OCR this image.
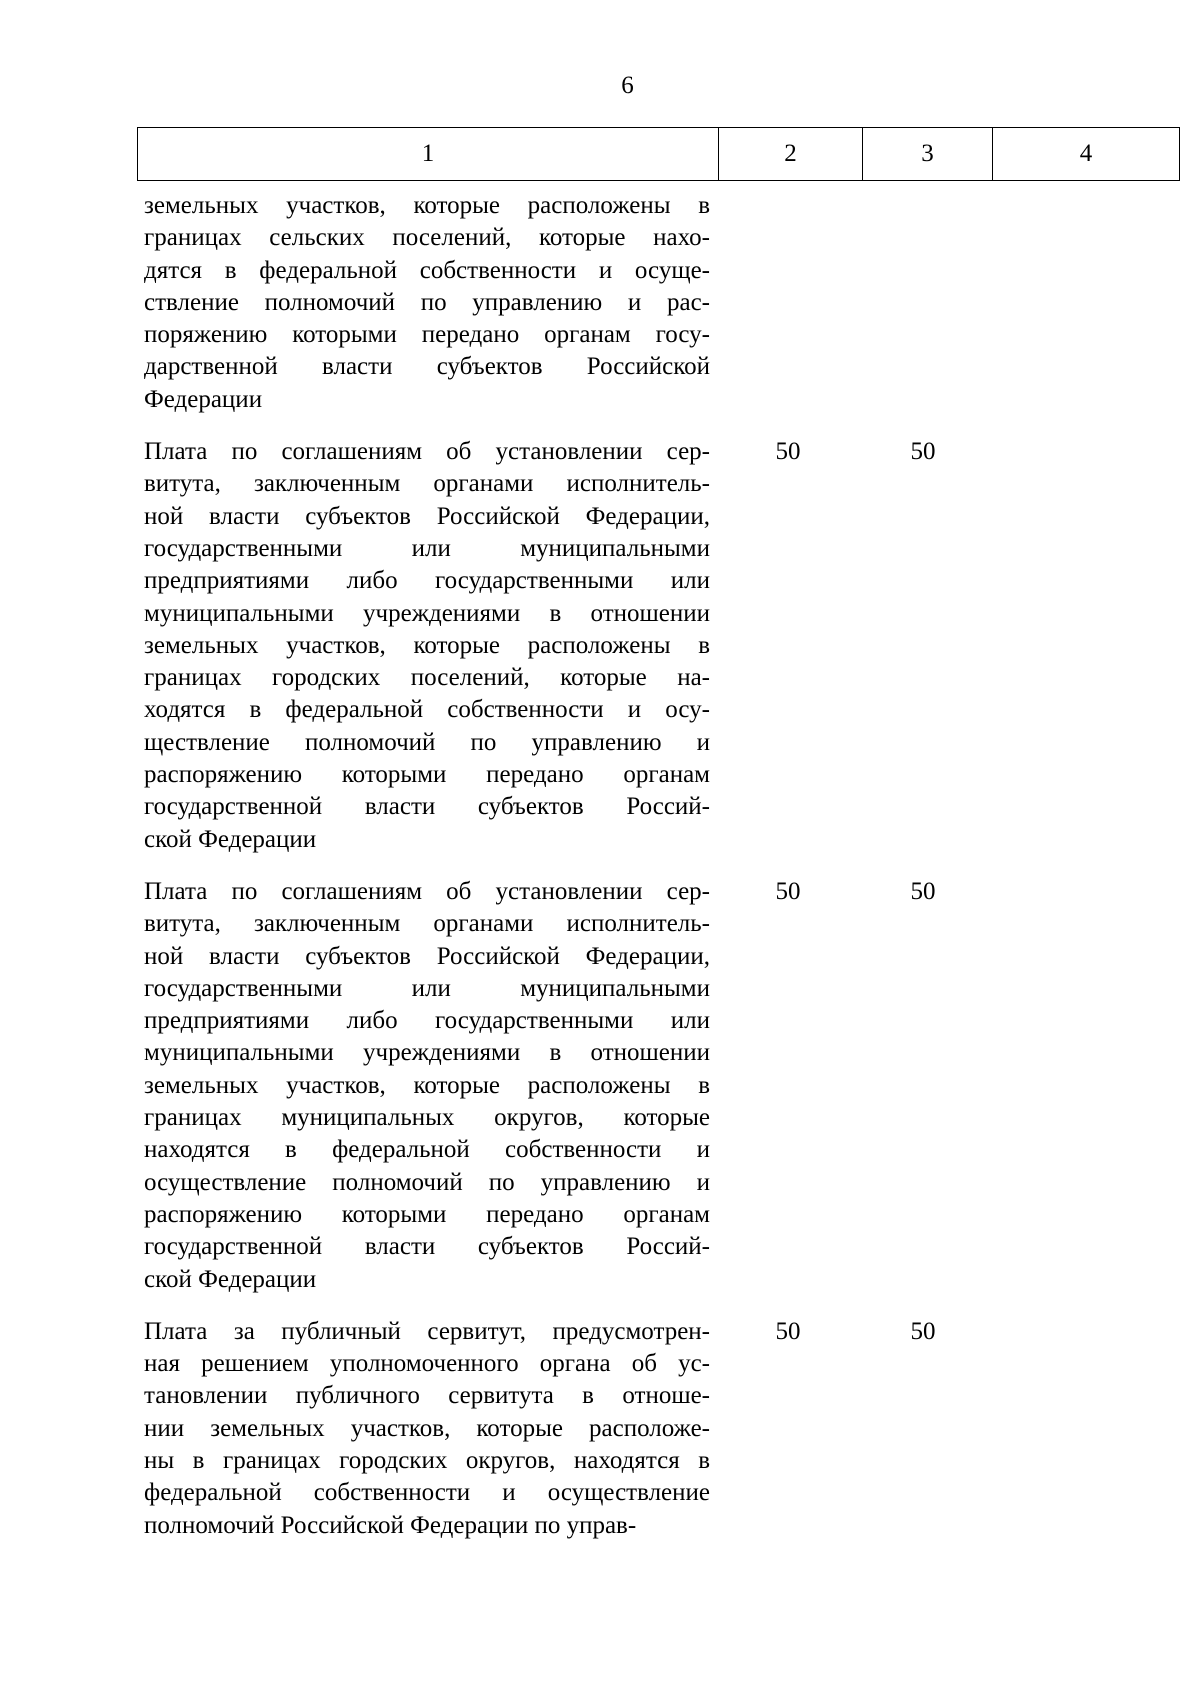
6
1	2	3	4
земельных участков, которые расположены в
границах сельских поселений, которые нахо-
дятся в федеральной собственности и осуще-
ствление полномочий по управлению и рас-
поряжению которыми передано органам госу-
дарственной власти субъектов Российской
Федерации
Плата по соглашениям об установлении сер-
витута, заключенным органами исполнитель-
ной власти субъектов Российской Федерации,
государственными или муниципальными
предприятиями либо государственными или
муниципальными учреждениями в отношении
земельных участков, которые расположены в
границах городских поселений, которые на-
ходятся в федеральной собственности и осу-
ществление полномочий по управлению и
распоряжению которыми передано органам
государственной власти субъектов Россий-
ской Федерации
50	50
Плата по соглашениям об установлении сер-
витута, заключенным органами исполнитель-
ной власти субъектов Российской Федерации,
государственными или муниципальными
предприятиями либо государственными или
муниципальными учреждениями в отношении
земельных участков, которые расположены в
границах муниципальных округов, которые
находятся в федеральной собственности и
осуществление полномочий по управлению и
распоряжению которыми передано органам
государственной власти субъектов Россий-
ской Федерации
50	50
Плата за публичный сервитут, предусмотрен-
ная решением уполномоченного органа об ус-
тановлении публичного сервитута в отноше-
нии земельных участков, которые расположе-
ны в границах городских округов, находятся в
федеральной собственности и осуществление
полномочий Российской Федерации по управ-
50	50
